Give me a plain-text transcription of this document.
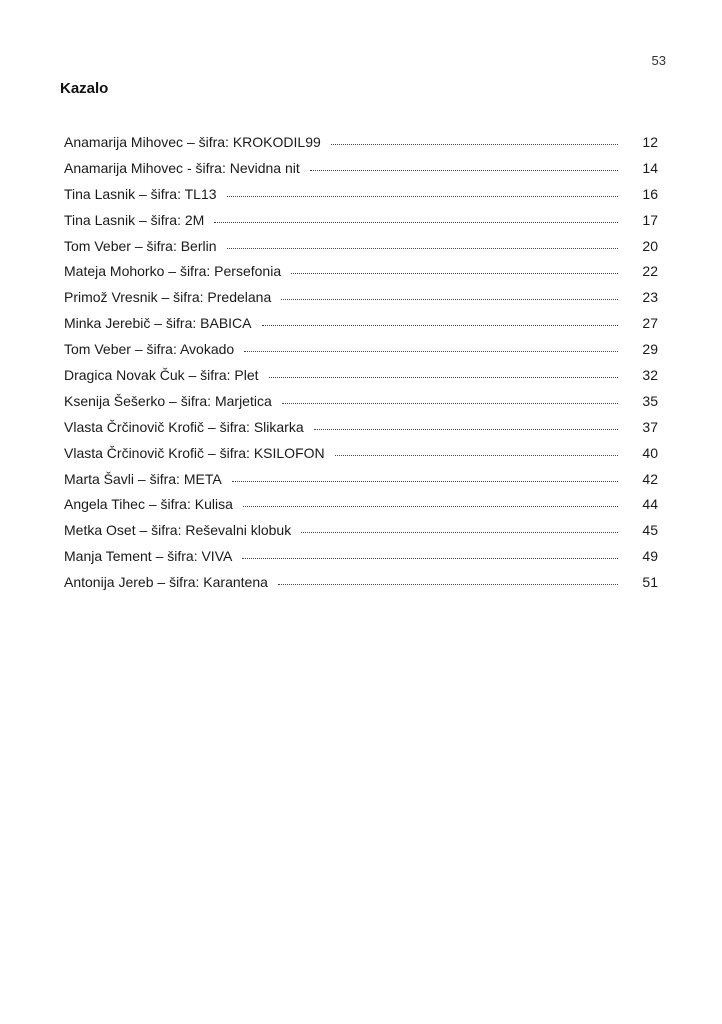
53
Kazalo
Anamarija Mihovec – šifra: KROKODIL99	12
Anamarija Mihovec - šifra: Nevidna nit	14
Tina Lasnik – šifra: TL13	16
Tina Lasnik – šifra: 2M	17
Tom Veber – šifra: Berlin	20
Mateja Mohorko – šifra: Persefonia	22
Primož Vresnik – šifra: Predelana	23
Minka Jerebič – šifra: BABICA	27
Tom Veber – šifra: Avokado	29
Dragica Novak Čuk – šifra: Plet	32
Ksenija Šešerko – šifra: Marjetica	35
Vlasta Črčinovič Krofič – šifra: Slikarka	37
Vlasta Črčinovič Krofič – šifra: KSILOFON	40
Marta Šavli – šifra: META	42
Angela Tihec – šifra: Kulisa	44
Metka Oset – šifra: Reševalni klobuk	45
Manja Tement – šifra: VIVA	49
Antonija Jereb – šifra: Karantena	51
